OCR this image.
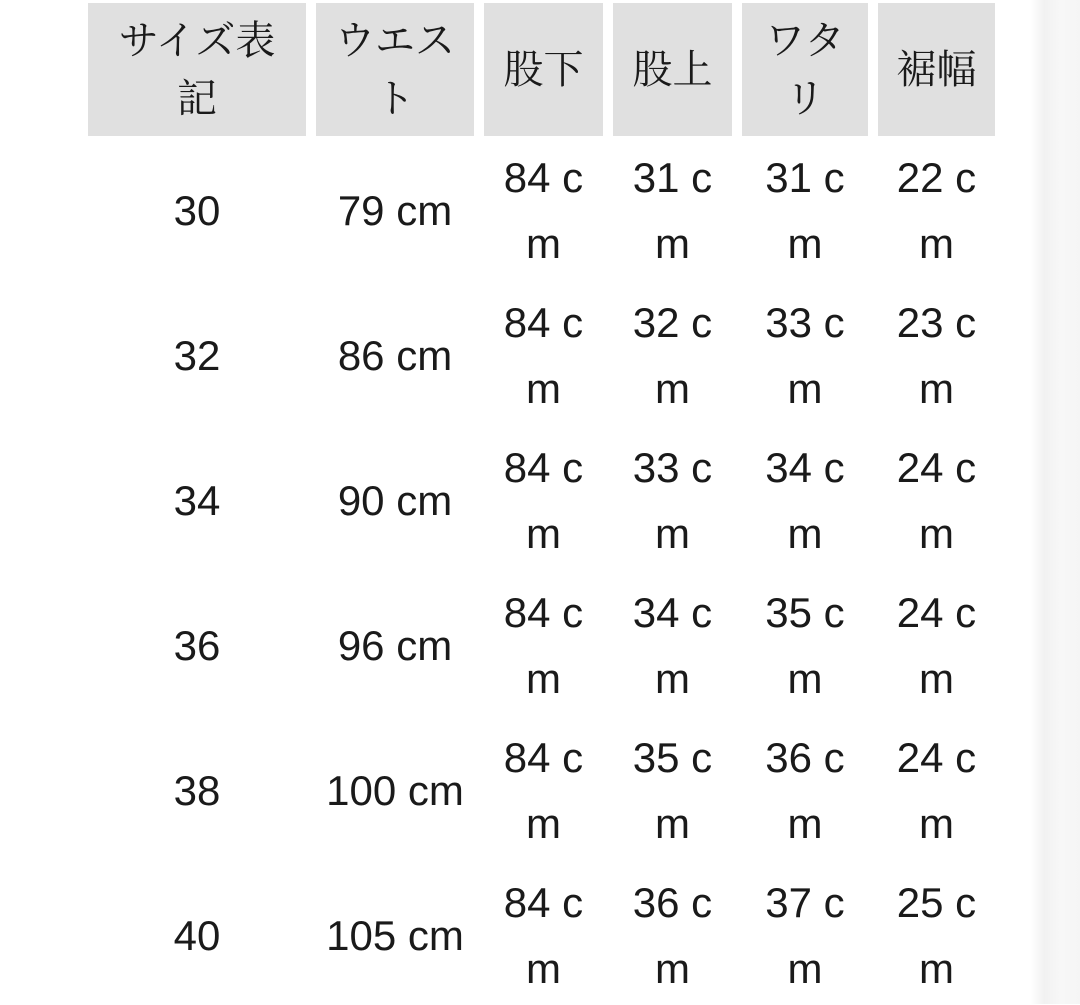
サイズ表記	ウエスト	股下	股上	ワタリ	裾幅
30	79 cm	84 cm	31 cm	31 cm	22 cm
32	86 cm	84 cm	32 cm	33 cm	23 cm
34	90 cm	84 cm	33 cm	34 cm	24 cm
36	96 cm	84 cm	34 cm	35 cm	24 cm
38	100 cm	84 cm	35 cm	36 cm	24 cm
40	105 cm	84 cm	36 cm	37 cm	25 cm
